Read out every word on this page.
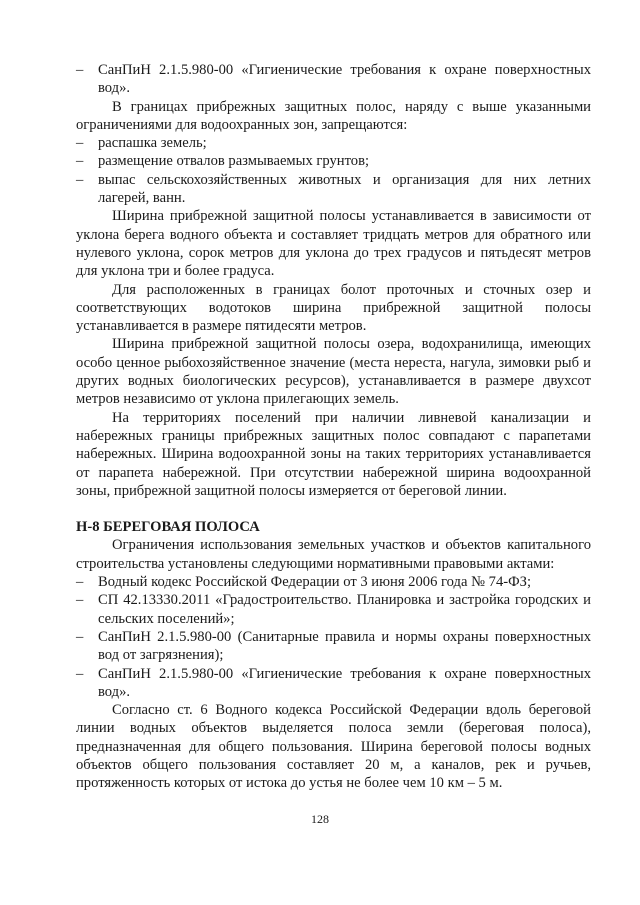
– СанПиН 2.1.5.980-00 «Гигиенические требования к охране поверхностных вод».

В границах прибрежных защитных полос, наряду с выше указанными ограничениями для водоохранных зон, запрещаются:

– распашка земель;

– размещение отвалов размываемых грунтов;

– выпас сельскохозяйственных животных и организация для них летних лагерей, ванн.

Ширина прибрежной защитной полосы устанавливается в зависимости от уклона берега водного объекта и составляет тридцать метров для обратного или нулевого уклона, сорок метров для уклона до трех градусов и пятьдесят метров для уклона три и более градуса.

Для расположенных в границах болот проточных и сточных озер и соответствующих водотоков ширина прибрежной защитной полосы устанавливается в размере пятидесяти метров.

Ширина прибрежной защитной полосы озера, водохранилища, имеющих особо ценное рыбохозяйственное значение (места нереста, нагула, зимовки рыб и других водных биологических ресурсов), устанавливается в размере двухсот метров независимо от уклона прилегающих земель.

На территориях поселений при наличии ливневой канализации и набережных границы прибрежных защитных полос совпадают с парапетами набережных. Ширина водоохранной зоны на таких территориях устанавливается от парапета набережной. При отсутствии набережной ширина водоохранной зоны, прибрежной защитной полосы измеряется от береговой линии.

Н-8 БЕРЕГОВАЯ ПОЛОСА

Ограничения использования земельных участков и объектов капитального строительства установлены следующими нормативными правовыми актами:

– Водный кодекс Российской Федерации от 3 июня 2006 года № 74-ФЗ;

– СП 42.13330.2011 «Градостроительство. Планировка и застройка городских и сельских поселений»;

– СанПиН 2.1.5.980-00 (Санитарные правила и нормы охраны поверхностных вод от загрязнения);

– СанПиН 2.1.5.980-00 «Гигиенические требования к охране поверхностных вод».

Согласно ст. 6 Водного кодекса Российской Федерации вдоль береговой линии водных объектов выделяется полоса земли (береговая полоса), предназначенная для общего пользования. Ширина береговой полосы водных объектов общего пользования составляет 20 м, а каналов, рек и ручьев, протяженность которых от истока до устья не более чем 10 км – 5 м.

128
